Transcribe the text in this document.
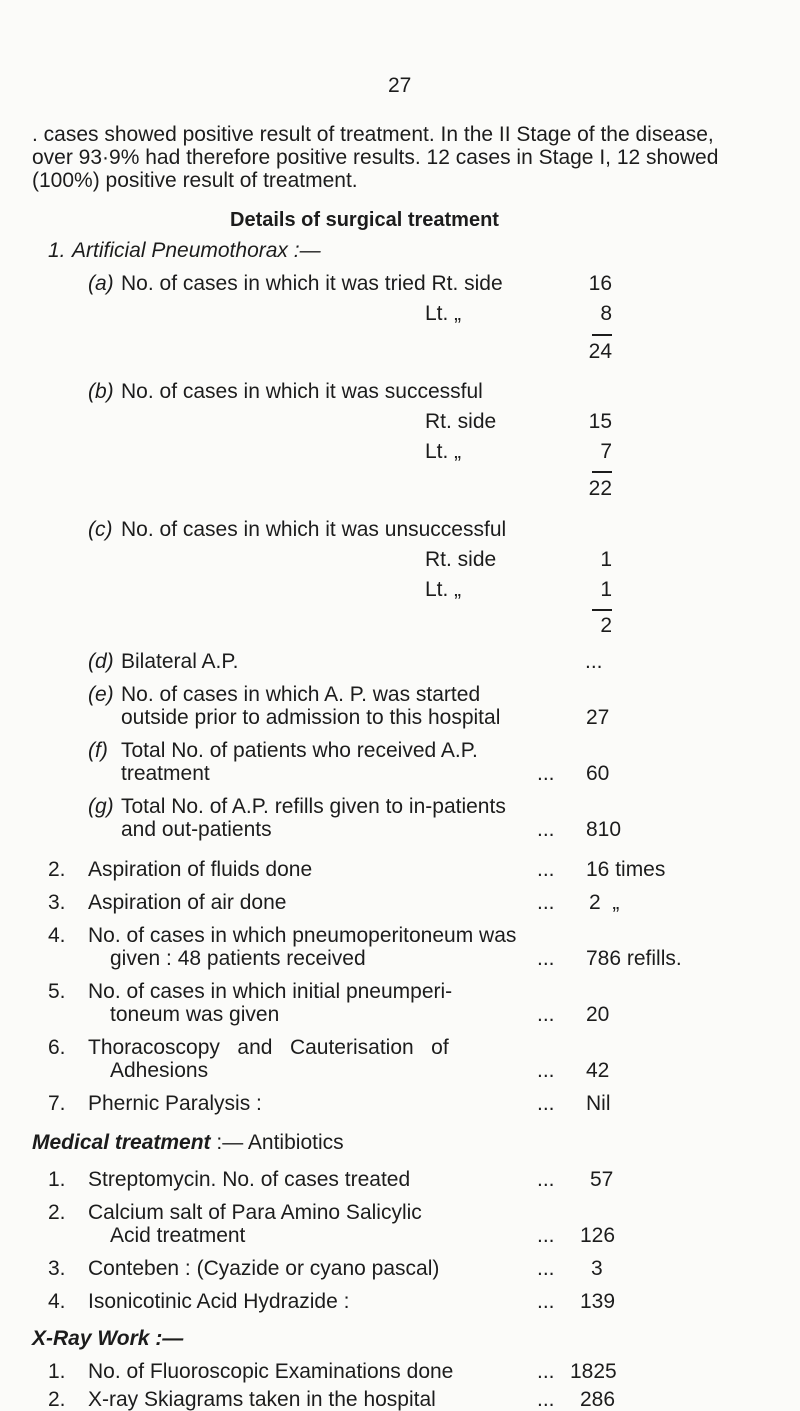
27
. cases showed positive result of treatment. In the II Stage of the disease,
over 93·9% had therefore positive results. 12 cases in Stage I, 12 showed
(100%) positive result of treatment.
Details of surgical treatment
1. Artificial Pneumothorax :—
(a) No. of cases in which it was tried Rt. side	16
Lt. „	8
24
(b) No. of cases in which it was successful
Rt. side	15
Lt. „	7
22
(c) No. of cases in which it was unsuccessful
Rt. side	1
Lt. „	1
2
(d) Bilateral A.P.	...
(e) No. of cases in which A. P. was started
outside prior to admission to this hospital	27
(f) Total No. of patients who received A.P.
treatment	... 60
(g) Total No. of A.P. refills given to in-patients
and out-patients	... 810
2. Aspiration of fluids done	... 16 times
3. Aspiration of air done	... 2  „
4. No. of cases in which pneumoperitoneum was
given : 48 patients received	... 786 refills.
5. No. of cases in which initial pneumperi-
toneum was given	... 20
6. Thoracoscopy   and   Cauterisation   of
Adhesions	... 42
7. Phernic Paralysis :	... Nil
Medical treatment :— Antibiotics
1. Streptomycin. No. of cases treated	... 57
2. Calcium salt of Para Amino Salicylic
Acid treatment	... 126
3. Conteben : (Cyazide or cyano pascal)	... 3
4. Isonicotinic Acid Hydrazide :	... 139
X-Ray Work :—
1. No. of Fluoroscopic Examinations done	... 1825
2. X-ray Skiagrams taken in the hospital	... 286
